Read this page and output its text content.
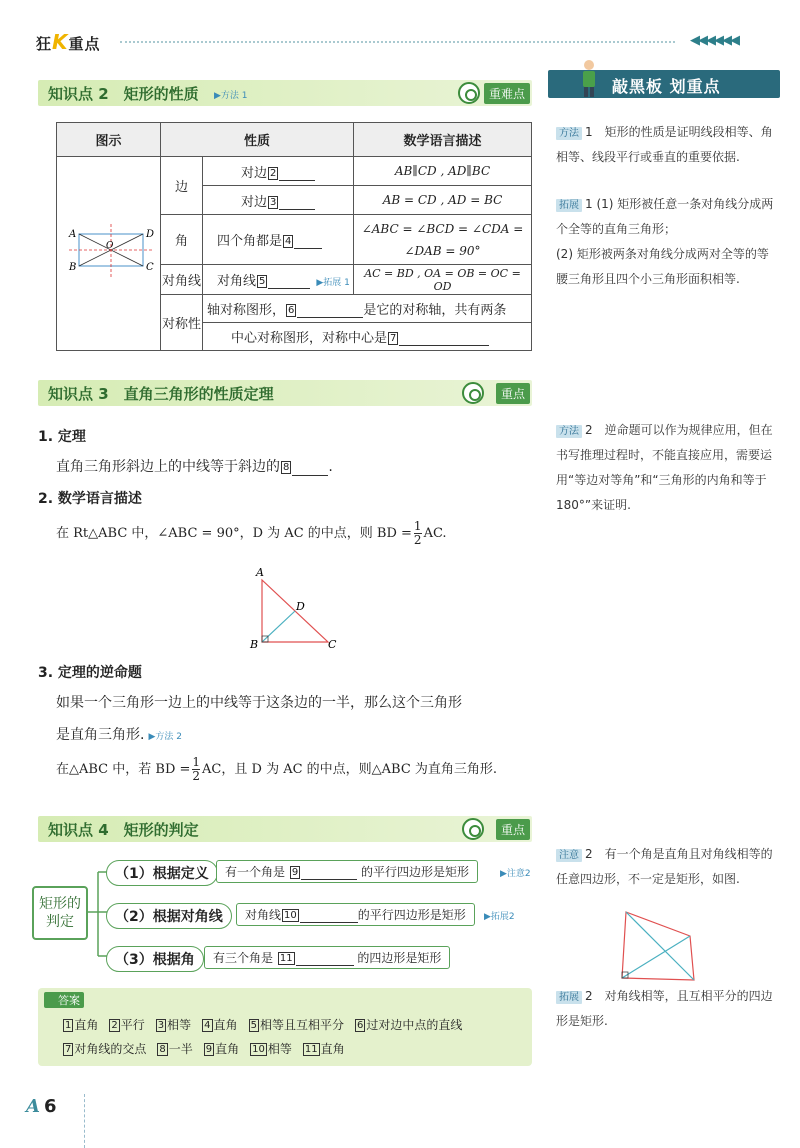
狂K重点	◀◀◀◀◀◀
知识点 2　矩形的性质 ▶方法 1	重难点
图示	性质		数学语言描述

A
B C
D
O	边	对边 2	AB∥CD , AD∥BC
		对边 3	AB = CD , AD = BC
	角	四个角都是 4	∠ABC = ∠BCD = ∠CDA =
∠DAB = 90°

	对角线	对角线 5 ▶拓展 1	AC = BD , OA = OB = OC = OD
	对称性	轴对称图形， 6 是它的对称轴，共有两条	
		中心对称图形，对称中心是 7	
知识点 3　直角三角形的性质定理	重点
1. 定理
直角三角形斜边上的中线等于斜边的 8	.
2. 数学语言描述
在 Rt△ABC 中，∠ABC = 90°，D 为 AC 的中点，则 BD = $\frac{1}{2}$ AC.
A
B	C
D
3. 定理的逆命题
如果一个三角形一边上的中线等于这条边的一半，那么这个三角形
是直角三角形. ▶方法 2
在△ABC 中，若 BD = $\frac{1}{2}$ AC，且 D 为 AC 的中点，则△ABC 为直角三角形.
知识点 4　矩形的判定	重点
矩形的
判定
（1）根据定义	有一个角是 9	的平行四边形是矩形	▶注意2
（2）根据对角线	对角线 10	的平行四边形是矩形	▶拓展2
（3）根据角	有三个角是 11	的四边形是矩形
答案
1 直角	2 平行	3 相等	4 直角	5 相等且互相平分	6 过对边中点的直线
7 对角线的交点	8 一半	9 直角	10 相等	11 直角
敲黑板 划重点
方法 1　 矩形的性质是证明线段相等、角相等、线段平行或垂直的重要依据.
拓展 1 (1) 矩形被任意一条对角线分成两个全等的直角三角形；
(2) 矩形被两条对角线分成两对全等的等腰三角形且四个小三角形面积相等.
方法 2　 逆命题可以作为规律应用，但在书写推理过程时，不能直接应用，需要运用“等边对等角”和“三角形的内角和等于 180°”来证明.
注意 2　 有一个角是直角且对角线相等的任意四边形，不一定是矩形，如图.
拓展 2　 对角线相等，且互相平分的四边形是矩形.
A 6
